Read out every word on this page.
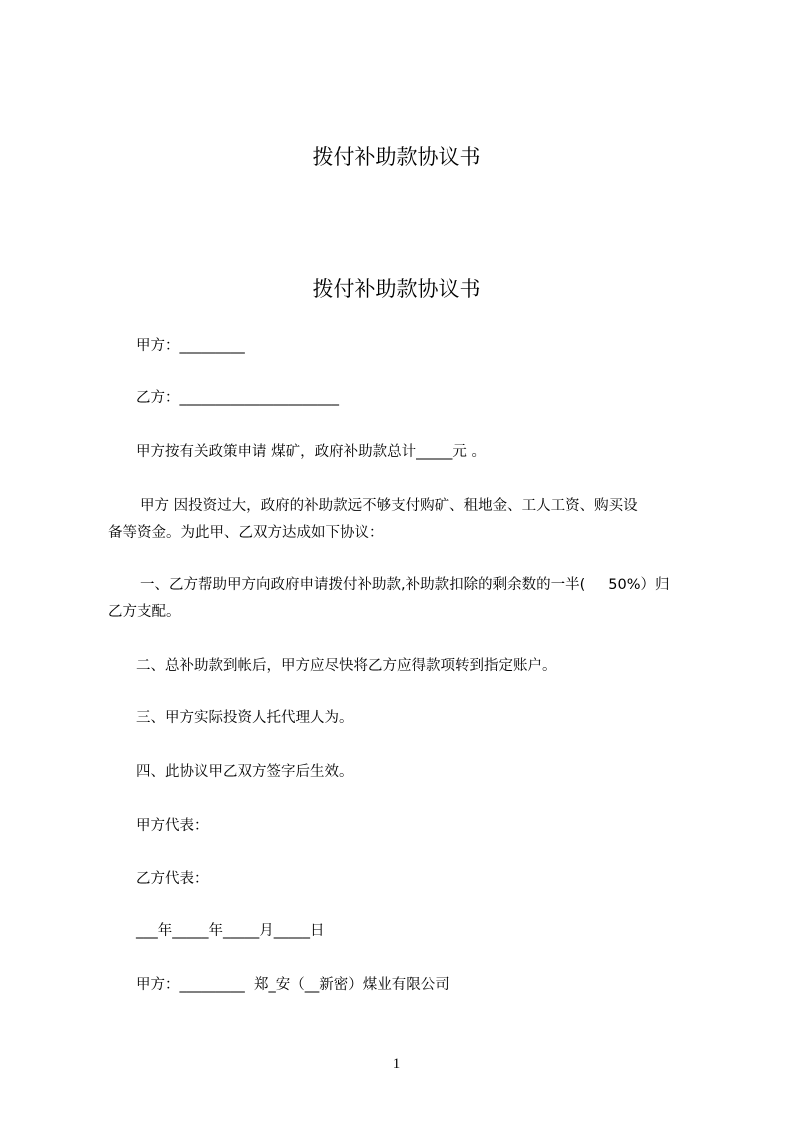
拨付补助款协议书
拨付补助款协议书
甲方：_________
乙方：______________________
甲方按有关政策申请 煤矿，政府补助款总计_____元 。
甲方 因投资过大，政府的补助款远不够支付购矿、租地金、工人工资、购买设
备等资金。为此甲、乙双方达成如下协议：
一、乙方帮助甲方向政府申请拨付补助款,补助款扣除的剩余数的一半(     50%）归
乙方支配。
二、总补助款到帐后，甲方应尽快将乙方应得款项转到指定账户。
三、甲方实际投资人托代理人为。
四、此协议甲乙双方签字后生效。
甲方代表：
乙方代表：
___年_____年_____月_____日
甲方：_________  郑_安（__新密）煤业有限公司
1
